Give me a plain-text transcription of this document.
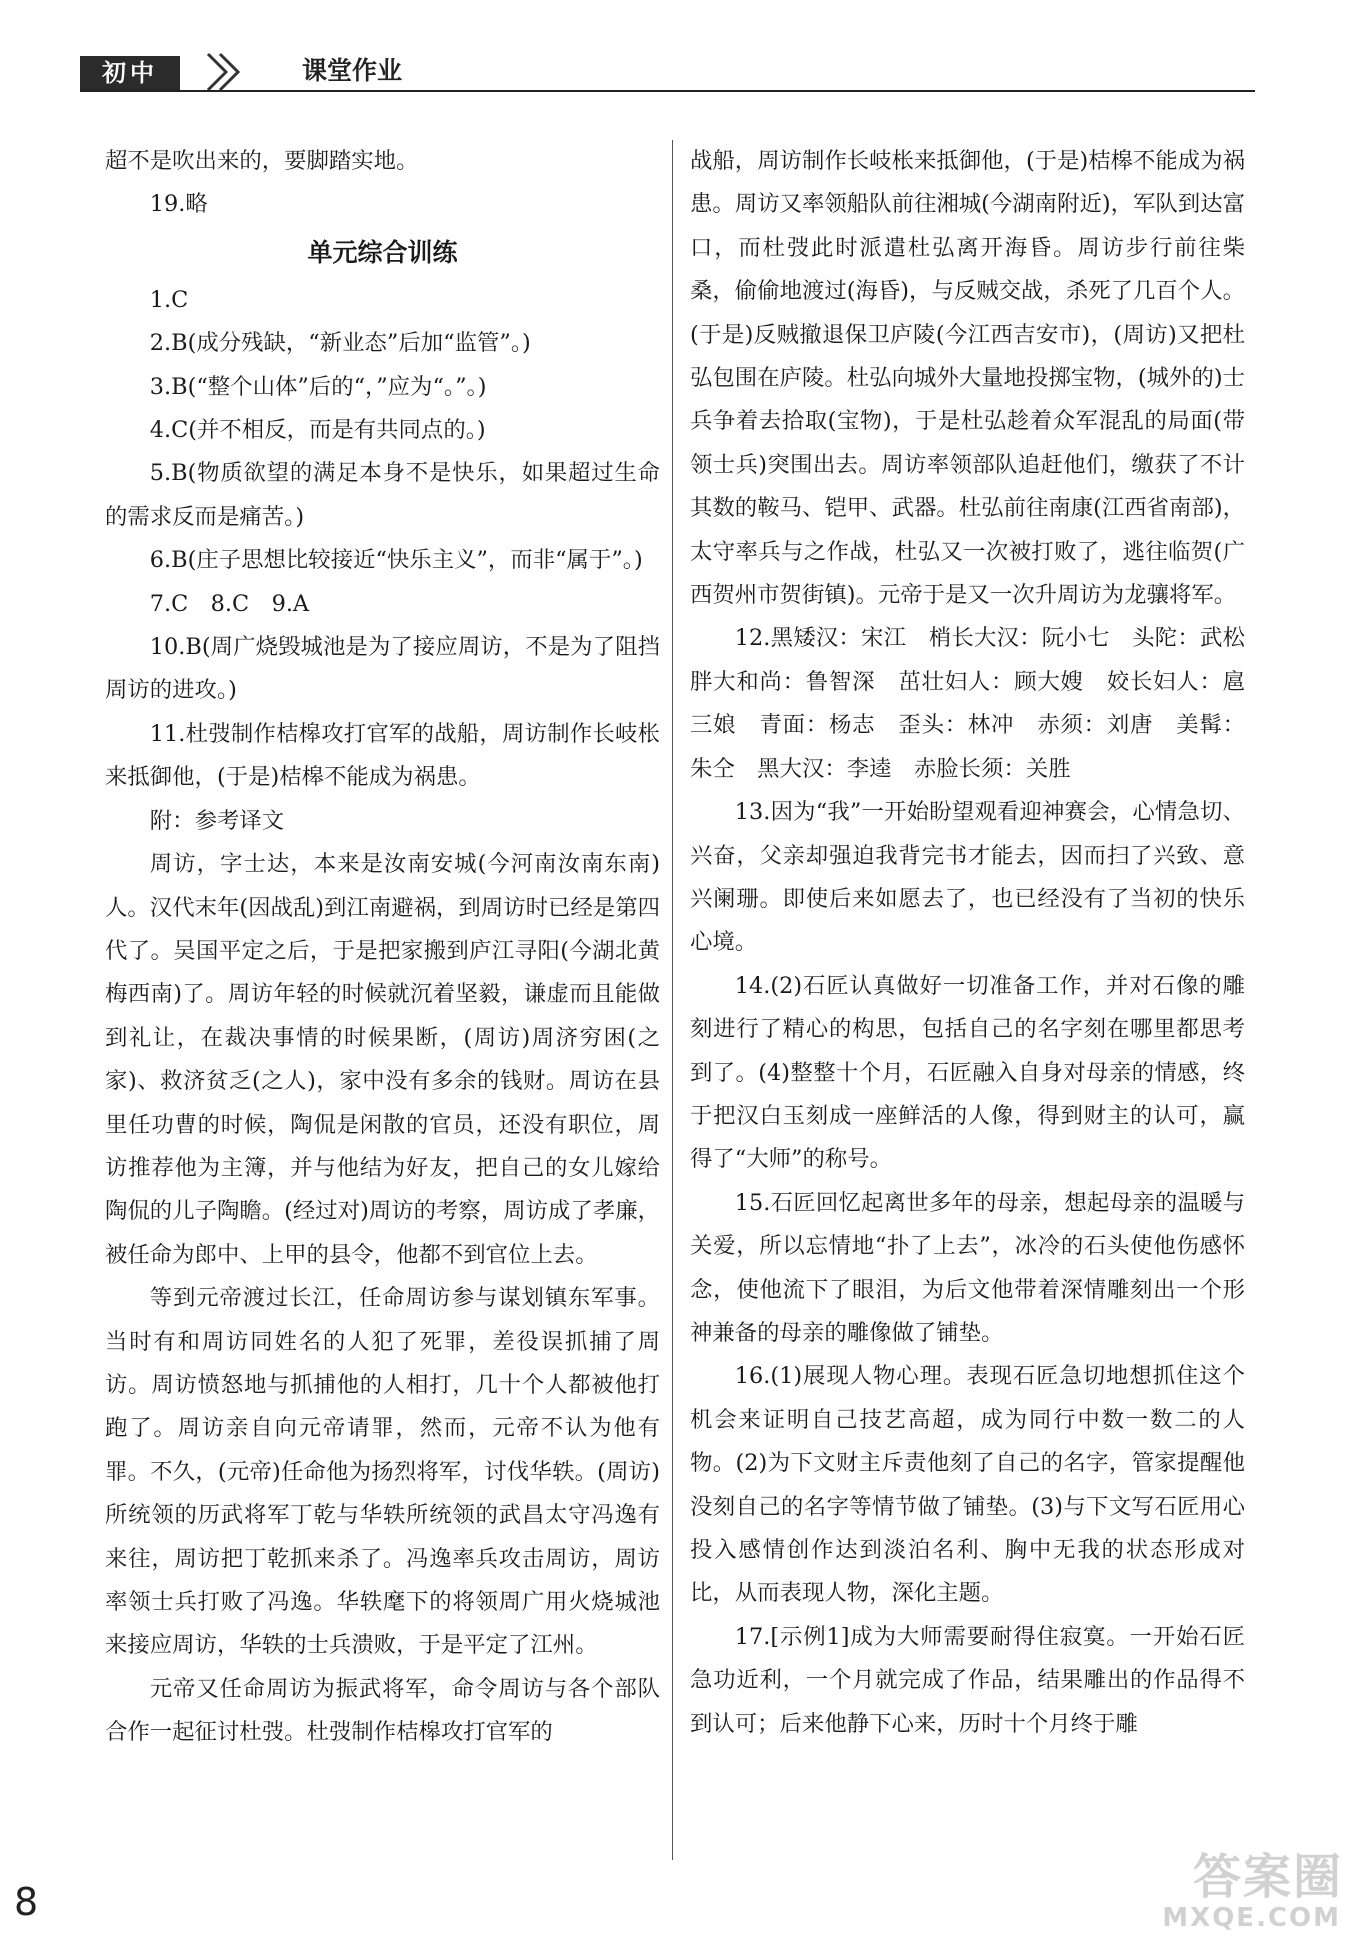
初中	课堂作业

超不是吹出来的，要脚踏实地。

19.略

单元综合训练

1.C

2.B(成分残缺，“新业态”后加“监管”。)

3.B(“整个山体”后的“，”应为“。”。)

4.C(并不相反，而是有共同点的。)

5.B(物质欲望的满足本身不是快乐，如果超过生命的需求反而是痛苦。)

6.B(庄子思想比较接近“快乐主义”，而非“属于”。)

7.C　8.C　9.A

10.B(周广烧毁城池是为了接应周访，不是为了阻挡周访的进攻。)

11.杜弢制作桔槔攻打官军的战船，周访制作长岐枨来抵御他，(于是)桔槔不能成为祸患。

附：参考译文

周访，字士达，本来是汝南安城(今河南汝南东南)人。汉代末年(因战乱)到江南避祸，到周访时已经是第四代了。吴国平定之后，于是把家搬到庐江寻阳(今湖北黄梅西南)了。周访年轻的时候就沉着坚毅，谦虚而且能做到礼让，在裁决事情的时候果断，(周访)周济穷困(之家)、救济贫乏(之人)，家中没有多余的钱财。周访在县里任功曹的时候，陶侃是闲散的官员，还没有职位，周访推荐他为主簿，并与他结为好友，把自己的女儿嫁给陶侃的儿子陶瞻。(经过对)周访的考察，周访成了孝廉，被任命为郎中、上甲的县令，他都不到官位上去。

等到元帝渡过长江，任命周访参与谋划镇东军事。当时有和周访同姓名的人犯了死罪，差役误抓捕了周访。周访愤怒地与抓捕他的人相打，几十个人都被他打跑了。周访亲自向元帝请罪，然而，元帝不认为他有罪。不久，(元帝)任命他为扬烈将军，讨伐华轶。(周访)所统领的历武将军丁乾与华轶所统领的武昌太守冯逸有来往，周访把丁乾抓来杀了。冯逸率兵攻击周访，周访率领士兵打败了冯逸。华轶麾下的将领周广用火烧城池来接应周访，华轶的士兵溃败，于是平定了江州。

元帝又任命周访为振武将军，命令周访与各个部队合作一起征讨杜弢。杜弢制作桔槔攻打官军的

战船，周访制作长岐枨来抵御他，(于是)桔槔不能成为祸患。周访又率领船队前往湘城(今湖南附近)，军队到达富口，而杜弢此时派遣杜弘离开海昏。周访步行前往柴桑，偷偷地渡过(海昏)，与反贼交战，杀死了几百个人。(于是)反贼撤退保卫庐陵(今江西吉安市)，(周访)又把杜弘包围在庐陵。杜弘向城外大量地投掷宝物，(城外的)士兵争着去拾取(宝物)，于是杜弘趁着众军混乱的局面(带领士兵)突围出去。周访率领部队追赶他们，缴获了不计其数的鞍马、铠甲、武器。杜弘前往南康(江西省南部)，太守率兵与之作战，杜弘又一次被打败了，逃往临贺(广西贺州市贺街镇)。元帝于是又一次升周访为龙骧将军。

12.黑矮汉：宋江　梢长大汉：阮小七　头陀：武松　胖大和尚：鲁智深　茁壮妇人：顾大嫂　姣长妇人：扈三娘　青面：杨志　歪头：林冲　赤须：刘唐　美髯：朱仝　黑大汉：李逵　赤脸长须：关胜

13.因为“我”一开始盼望观看迎神赛会，心情急切、兴奋，父亲却强迫我背完书才能去，因而扫了兴致、意兴阑珊。即使后来如愿去了，也已经没有了当初的快乐心境。

14.(2)石匠认真做好一切准备工作，并对石像的雕刻进行了精心的构思，包括自己的名字刻在哪里都思考到了。(4)整整十个月，石匠融入自身对母亲的情感，终于把汉白玉刻成一座鲜活的人像，得到财主的认可，赢得了“大师”的称号。

15.石匠回忆起离世多年的母亲，想起母亲的温暖与关爱，所以忘情地“扑了上去”，冰冷的石头使他伤感怀念，使他流下了眼泪，为后文他带着深情雕刻出一个形神兼备的母亲的雕像做了铺垫。

16.(1)展现人物心理。表现石匠急切地想抓住这个机会来证明自己技艺高超，成为同行中数一数二的人物。(2)为下文财主斥责他刻了自己的名字，管家提醒他没刻自己的名字等情节做了铺垫。(3)与下文写石匠用心投入感情创作达到淡泊名利、胸中无我的状态形成对比，从而表现人物，深化主题。

17.[示例1]成为大师需要耐得住寂寞。一开始石匠急功近利，一个月就完成了作品，结果雕出的作品得不到认可；后来他静下心来，历时十个月终于雕

8	答案圈
MXQE.COM
